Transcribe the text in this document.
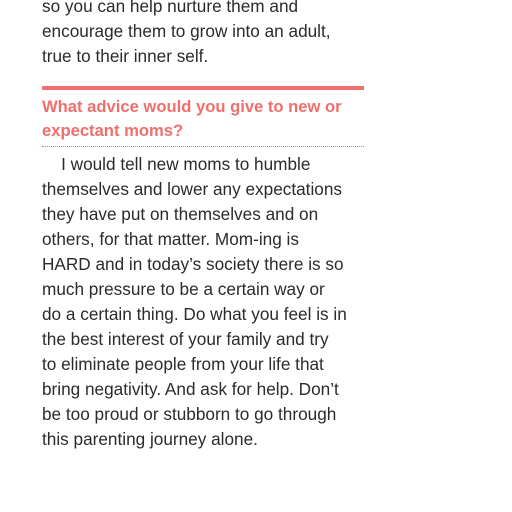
so you can help nurture them and
encourage them to grow into an adult,
true to their inner self.
What advice would you give to new or
expectant moms?
I would tell new moms to humble
themselves and lower any expectations
they have put on themselves and on
others, for that matter. Mom-ing is
HARD and in today’s society there is so
much pressure to be a certain way or
do a certain thing. Do what you feel is in
the best interest of your family and try
to eliminate people from your life that
bring negativity. And ask for help. Don’t
be too proud or stubborn to go through
this parenting journey alone.
